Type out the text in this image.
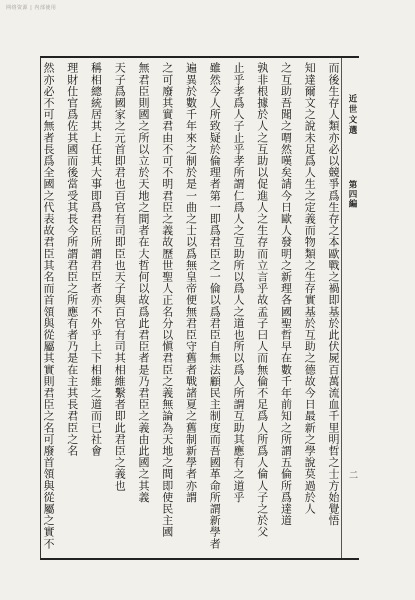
网络资源 | 内部使用
而後生存人類亦必以競爭爲生存之本歐戰之禍即基於此伏屍百萬流血千里明哲之士方始覺悟
知達爾文之說未足爲人生之定義而物類之生存實基於互助之德故今日最新之學說莫過於人
之互助吾聞之喟然嘆矣請今日歐人發明之新理各國聖哲早在數千年前知之所謂五倫所爲達道
孰非根據於人之互助以促進人之生存而立言乎故孟子曰人而無倫不足爲人所爲人倫人子之於父
止乎孝爲人子止乎孝所謂仁爲人之互助所以爲人之道也所以爲人所謂互助其應有之道乎
雖然今人所致疑於倫理者第一即爲君臣之一倫以爲君臣自無法顧民主制度而吾國革命所謂新學者
遍異於數千年來之制於是一曲之士以爲無皇帝便無君臣守舊者戰諸夏之舊制新學者亦謂
之可廢其實君由不可不明君臣之義故歷世聖人正名分以愼君臣之義無論為天地之間即使民主國
無君臣則國之所以立於天地之間者在大哲何以故爲此君臣者是乃君臣之義由此國之其義
天子爲國家之元首即君也百官有司即臣也天子與百官有司其相維繫者即此君臣之義也
稱相總統居其上任其大事即爲君臣所謂君臣者亦不外乎上下相維之道而已社會
理財仕官爲佐其國而後當受其長今所謂君臣之所應有者乃是在主其長君臣之名
然亦必不可無者長爲全國之代表故君臣其名而首領與從屬其實則君臣之名可廢首領與從屬之實不	近世文選
第四編
二
